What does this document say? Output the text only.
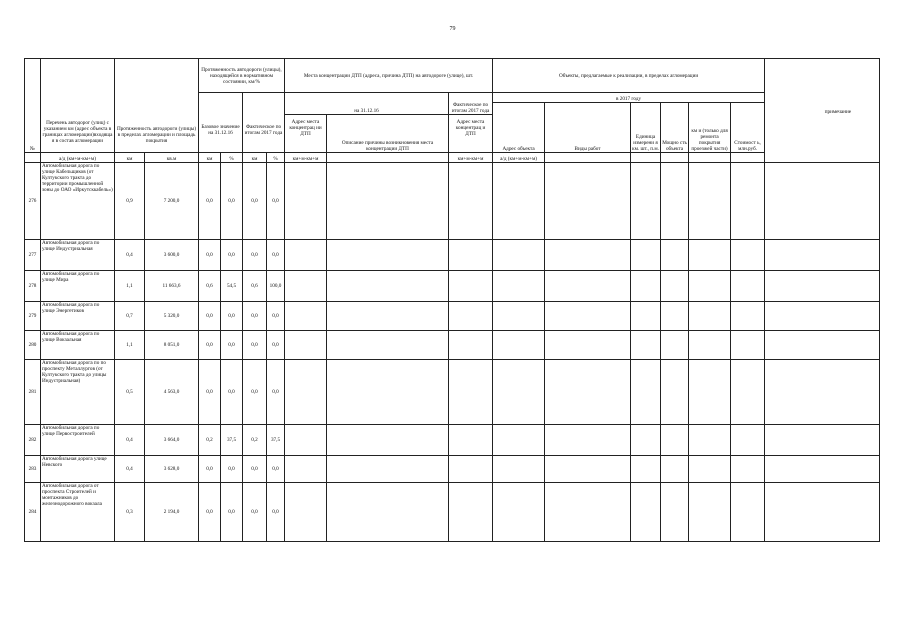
79
№	Перечень автодорог (улиц) с указанием км (адрес объекта в границах агломерации)входяща я в состав агломерации	Протяженность автодороги (улицы) в пределах агломерации и площадь покрытия		Протяженность автодороги (улицы), находящейся в нормативном состоянии, км/%				Места концентрации ДТП (адреса, причина ДТП) на автодороге (улице), шт.			Объекты, предлагаемые к реализации, в пределах агломерации						примечание
				Базовое значение на 31.12.16		Фактическое по итогам 2017 года		на 31.12.16		Фактическое по итогам 2017 года	в 2017 году						
											Адрес объекта	Виды работ	Единица измерени я км. шт., п.м.	Мощно сть объекта	км и (только для ремонта покрытия проезжей части)	Стоимост ь, млн.руб.	
								Адрес места концентрац ии ДТП	Описание причины возникновения места концентрации ДТП	Адрес места концентрац и ДТП							
	а/д (км+м-км+м)	км	кв.м	км	%	км	%	км+м-км+м		км+м-км+м	а/д (км+м-км+м)						
276	Автомобильная дорога по улице Кабельщиков (от Култукского тракта до территории промышленной зоны до ОАО «Иркутсккабель»)	0,9	7 200,0	0,0	0,0	0,0	0,0										
277	Автомобильная дорога по улице Индустриальная	0,4	3 600,0	0,0	0,0	0,0	0,0										
278	Автомобильная дорога по улице Мира	1,1	11 663,6	0,6	54,5	0,6	100,0										
279	Автомобильная дорога по улице Энергетиков	0,7	5 320,0	0,0	0,0	0,0	0,0										
280	Автомобильная дорога по улице Вокзальная	1,1	8 051,0	0,0	0,0	0,0	0,0										
281	Автомобильная дорога по по проспекту Металлургов (от Култукского тракта до улицы Индустриальная)	0,5	4 563,0	0,0	0,0	0,0	0,0										
282	Автомобильная дорога по улице Первостроителей	0,4	3 664,0	0,2	37,5	0,2	37,5										
283	Автомобильная дорога улице Невского	0,4	3 628,0	0,0	0,0	0,0	0,0										
284	Автомобильная дорога от проспекта Строителей и монтажников до железнодорожного вокзала	0,3	2 194,0	0,0	0,0	0,0	0,0										
